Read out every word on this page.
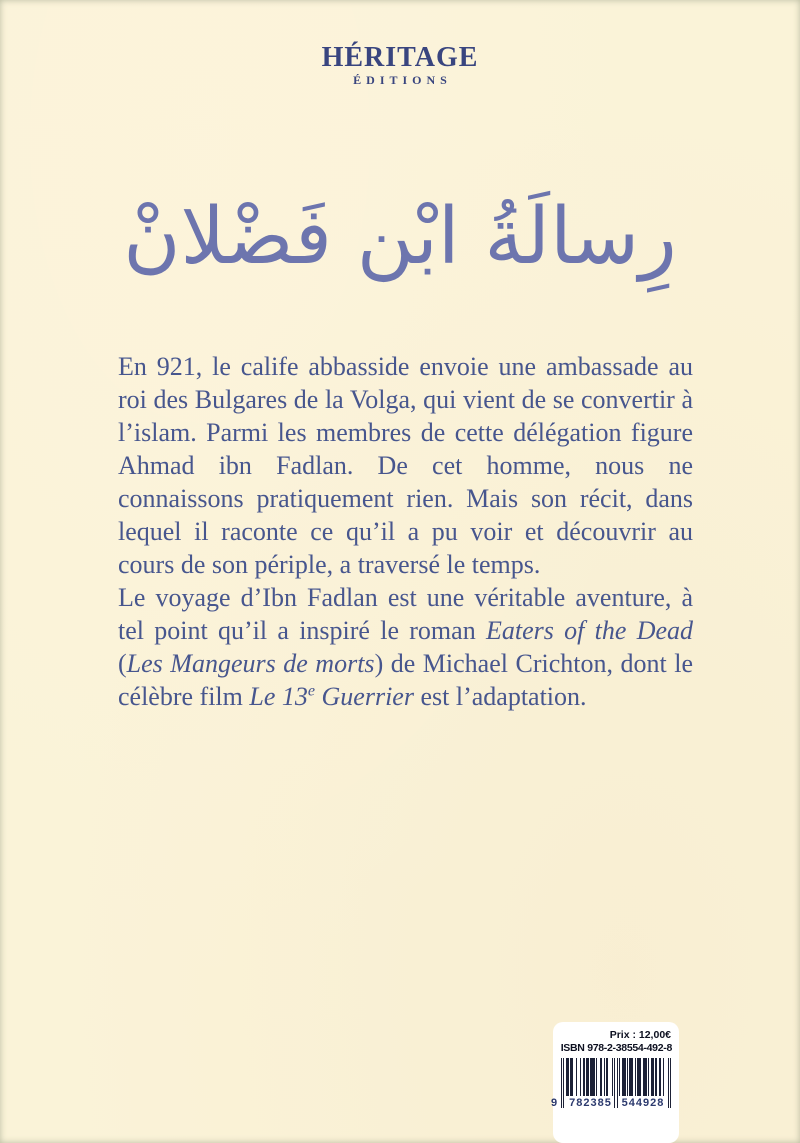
HÉRITAGE
ÉDITIONS
رِسالَةُ ابْن فَضْلانْ

En 921, le calife abbasside envoie une ambassade au roi des Bulgares de la Volga, qui vient de se convertir à l’islam. Parmi les membres de cette délégation figure Ahmad ibn Fadlan. De cet homme, nous ne connaissons pratiquement rien. Mais son récit, dans lequel il raconte ce qu’il a pu voir et découvrir au cours de son périple, a traversé le temps.

Le voyage d’Ibn Fadlan est une véritable aventure, à tel point qu’il a inspiré le roman Eaters of the Dead (Les Mangeurs de morts) de Michael Crichton, dont le célèbre film Le 13e Guerrier est l’adaptation.

Prix : 12,00€
ISBN 978-2-38554-492-8
9 782385 544928
